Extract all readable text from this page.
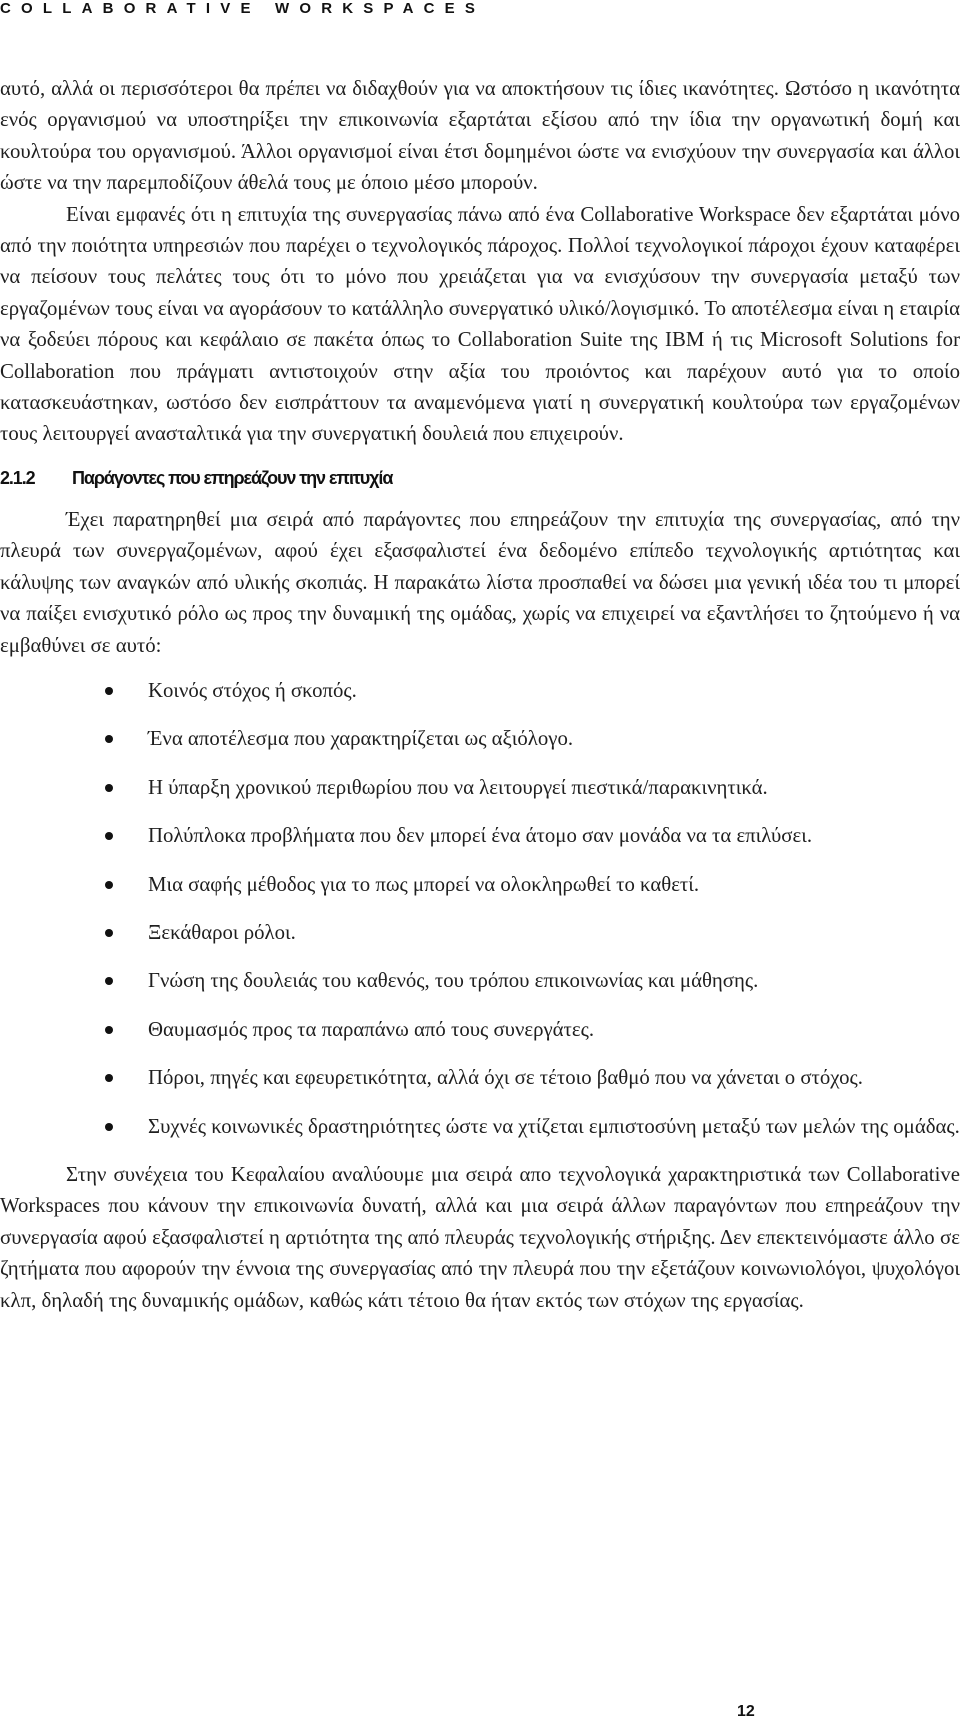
COLLABORATIVE WORKSPACES

αυτό, αλλά οι περισσότεροι θα πρέπει να διδαχθούν για να αποκτήσουν τις ίδιες ικανότητες. Ωστόσο η ικανότητα ενός οργανισμού να υποστηρίξει την επικοινωνία εξαρτάται εξίσου από την ίδια την οργανωτική δομή και κουλτούρα του οργανισμού. Άλλοι οργανισμοί είναι έτσι δομημένοι ώστε να ενισχύουν την συνεργασία και άλλοι ώστε να την παρεμποδίζουν άθελά τους με όποιο μέσο μπορούν.

Είναι εμφανές ότι η επιτυχία της συνεργασίας πάνω από ένα Collaborative Workspace δεν εξαρτάται μόνο από την ποιότητα υπηρεσιών που παρέχει ο τεχνολογικός πάροχος. Πολλοί τεχνολογικοί πάροχοι έχουν καταφέρει να πείσουν τους πελάτες τους ότι το μόνο που χρειάζεται για να ενισχύσουν την συνεργασία μεταξύ των εργαζομένων τους είναι να αγοράσουν το κατάλληλο συνεργατικό υλικό/λογισμικό. Το αποτέλεσμα είναι η εταιρία να ξοδεύει πόρους και κεφάλαιο σε πακέτα όπως το Collaboration Suite της IBM ή τις Microsoft Solutions for Collaboration που πράγματι αντιστοιχούν στην αξία του προιόντος και παρέχουν αυτό για το οποίο κατασκευάστηκαν, ωστόσο δεν εισπράττουν τα αναμενόμενα γιατί η συνεργατική κουλτούρα των εργαζομένων τους λειτουργεί ανασταλτικά για την συνεργατική δουλειά που επιχειρούν.

2.1.2 Παράγοντες που επηρεάζουν την επιτυχία

Έχει παρατηρηθεί μια σειρά από παράγοντες που επηρεάζουν την επιτυχία της συνεργασίας, από την πλευρά των συνεργαζομένων, αφού έχει εξασφαλιστεί ένα δεδομένο επίπεδο τεχνολογικής αρτιότητας και κάλυψης των αναγκών από υλικής σκοπιάς. Η παρακάτω λίστα προσπαθεί να δώσει μια γενική ιδέα του τι μπορεί να παίξει ενισχυτικό ρόλο ως προς την δυναμική της ομάδας, χωρίς να επιχειρεί να εξαντλήσει το ζητούμενο ή να εμβαθύνει σε αυτό:

Κοινός στόχος ή σκοπός.
Ένα αποτέλεσμα που χαρακτηρίζεται ως αξιόλογο.
Η ύπαρξη χρονικού περιθωρίου που να λειτουργεί πιεστικά/παρακινητικά.
Πολύπλοκα προβλήματα που δεν μπορεί ένα άτομο σαν μονάδα να τα επιλύσει.
Μια σαφής μέθοδος για το πως μπορεί να ολοκληρωθεί το καθετί.
Ξεκάθαροι ρόλοι.
Γνώση της δουλειάς του καθενός, του τρόπου επικοινωνίας και μάθησης.
Θαυμασμός προς τα παραπάνω από τους συνεργάτες.
Πόροι, πηγές και εφευρετικότητα, αλλά όχι σε τέτοιο βαθμό που να χάνεται ο στόχος.
Συχνές κοινωνικές δραστηριότητες ώστε να χτίζεται εμπιστοσύνη μεταξύ των μελών της ομάδας.

Στην συνέχεια του Κεφαλαίου αναλύουμε μια σειρά απο τεχνολογικά χαρακτηριστικά των Collaborative Workspaces που κάνουν την επικοινωνία δυνατή, αλλά και μια σειρά άλλων παραγόντων που επηρεάζουν την συνεργασία αφού εξασφαλιστεί η αρτιότητα της από πλευράς τεχνολογικής στήριξης. Δεν επεκτεινόμαστε άλλο σε ζητήματα που αφορούν την έννοια της συνεργασίας από την πλευρά που την εξετάζουν κοινωνιολόγοι, ψυχολόγοι κλπ, δηλαδή της δυναμικής ομάδων, καθώς κάτι τέτοιο θα ήταν εκτός των στόχων της εργασίας.

12
